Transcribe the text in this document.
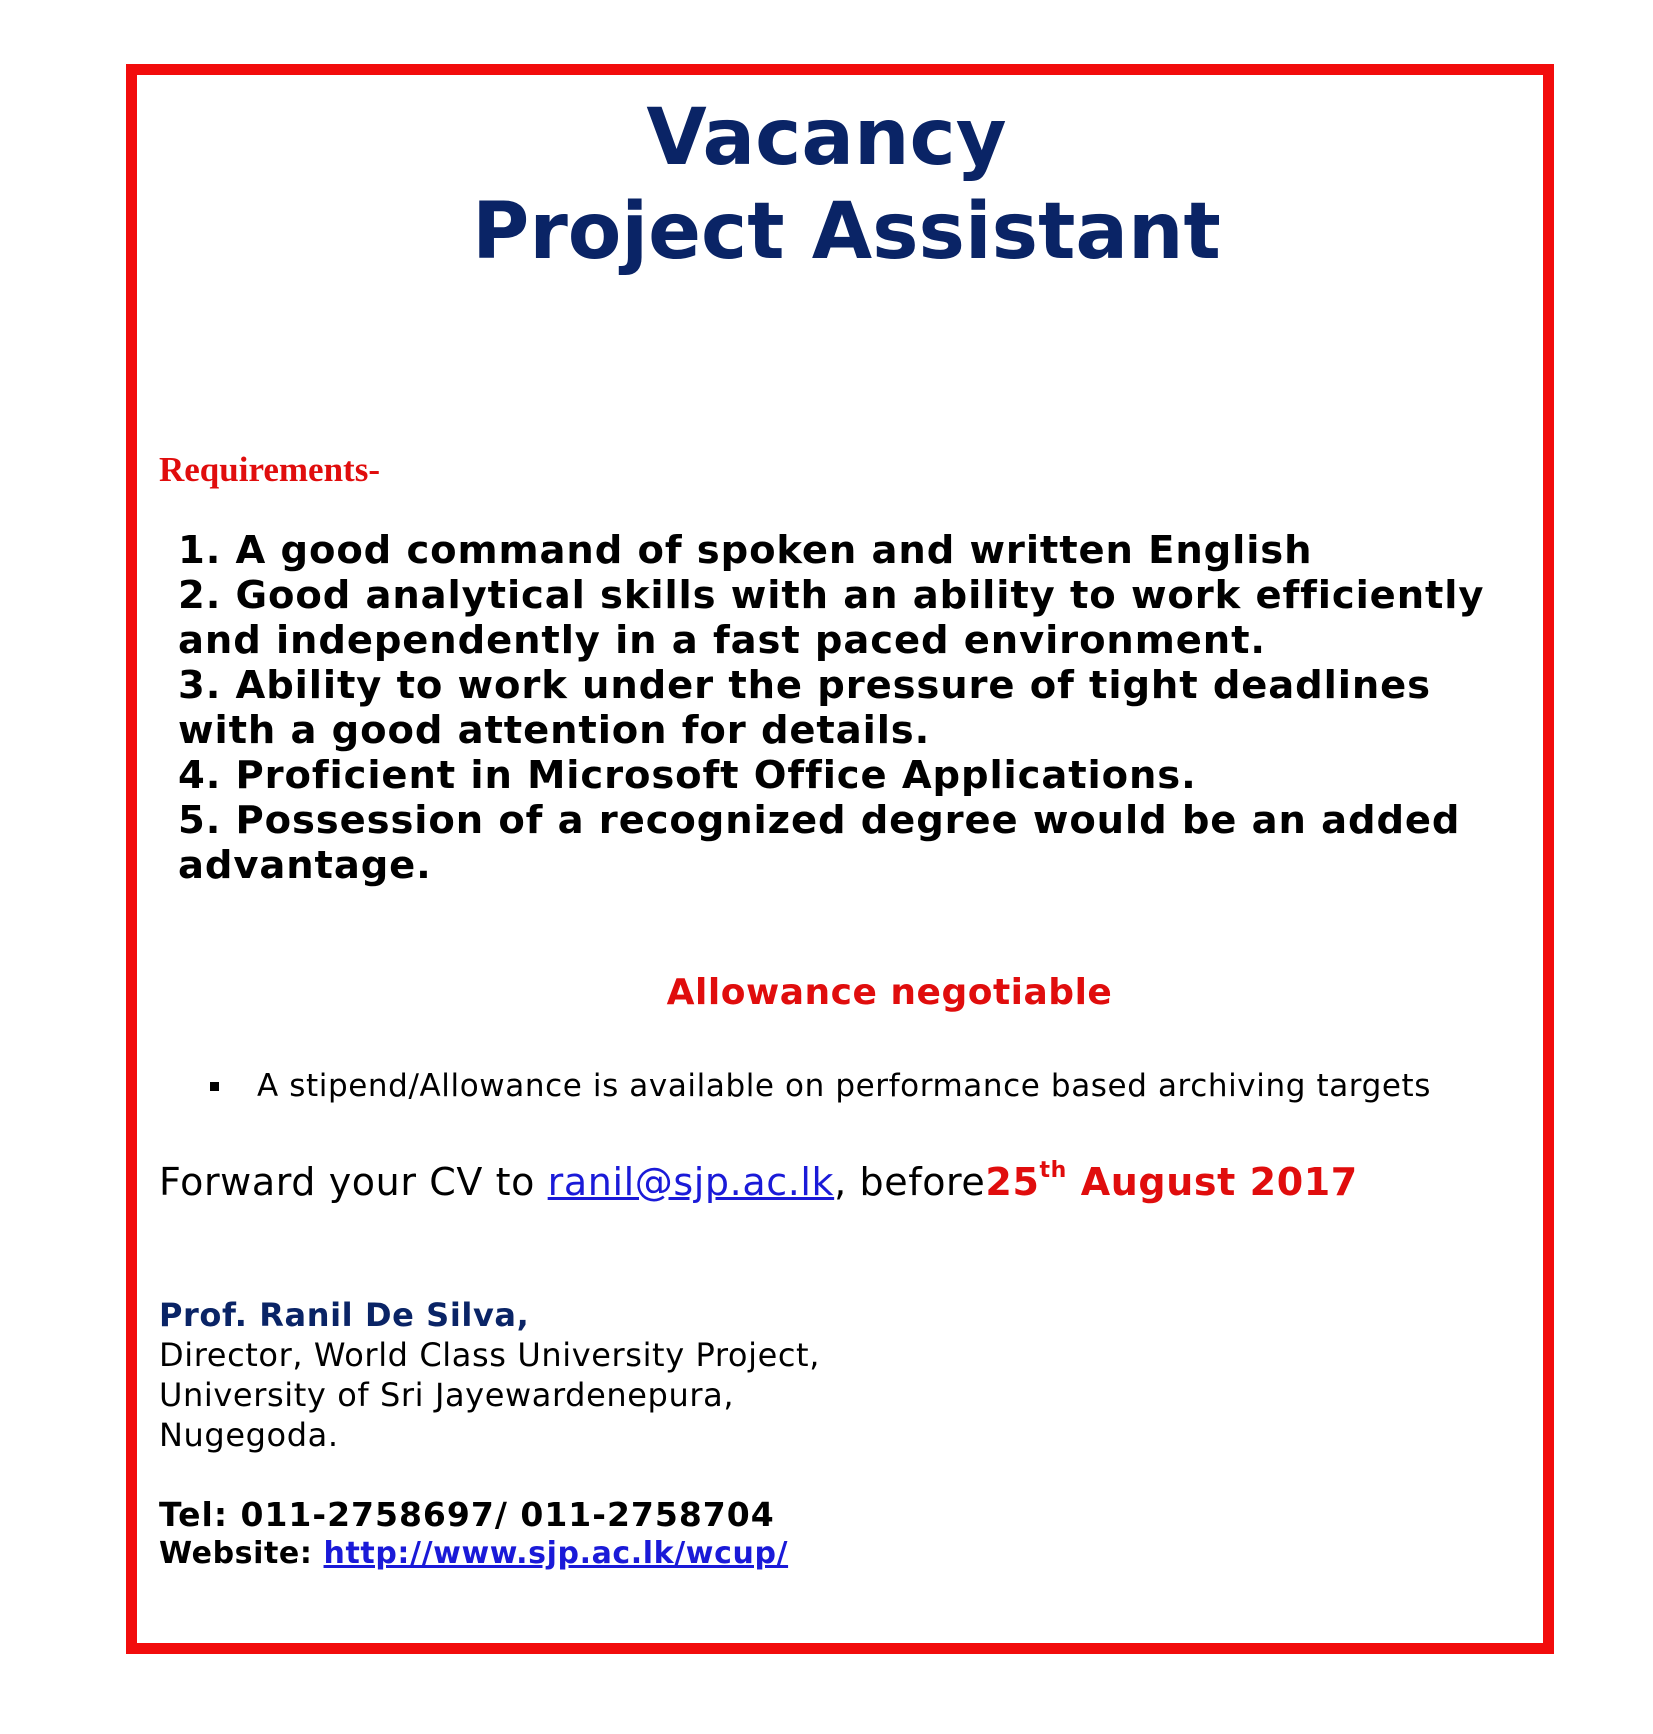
Vacancy
Project Assistant
Requirements-
1. A good command of spoken and written English
2. Good analytical skills with an ability to work efficiently and independently in a fast paced environment.
3. Ability to work under the pressure of tight deadlines with a good attention for details.
4. Proficient in Microsoft Office Applications.
5. Possession of a recognized degree would be an added advantage.
Allowance negotiable
A stipend/Allowance is available on performance based archiving targets
Forward your CV to ranil@sjp.ac.lk, before25th August 2017
Prof. Ranil De Silva,
Director, World Class University Project,
University of Sri Jayewardenepura,
Nugegoda.
Tel: 011-2758697/ 011-2758704
Website: http://www.sjp.ac.lk/wcup/
